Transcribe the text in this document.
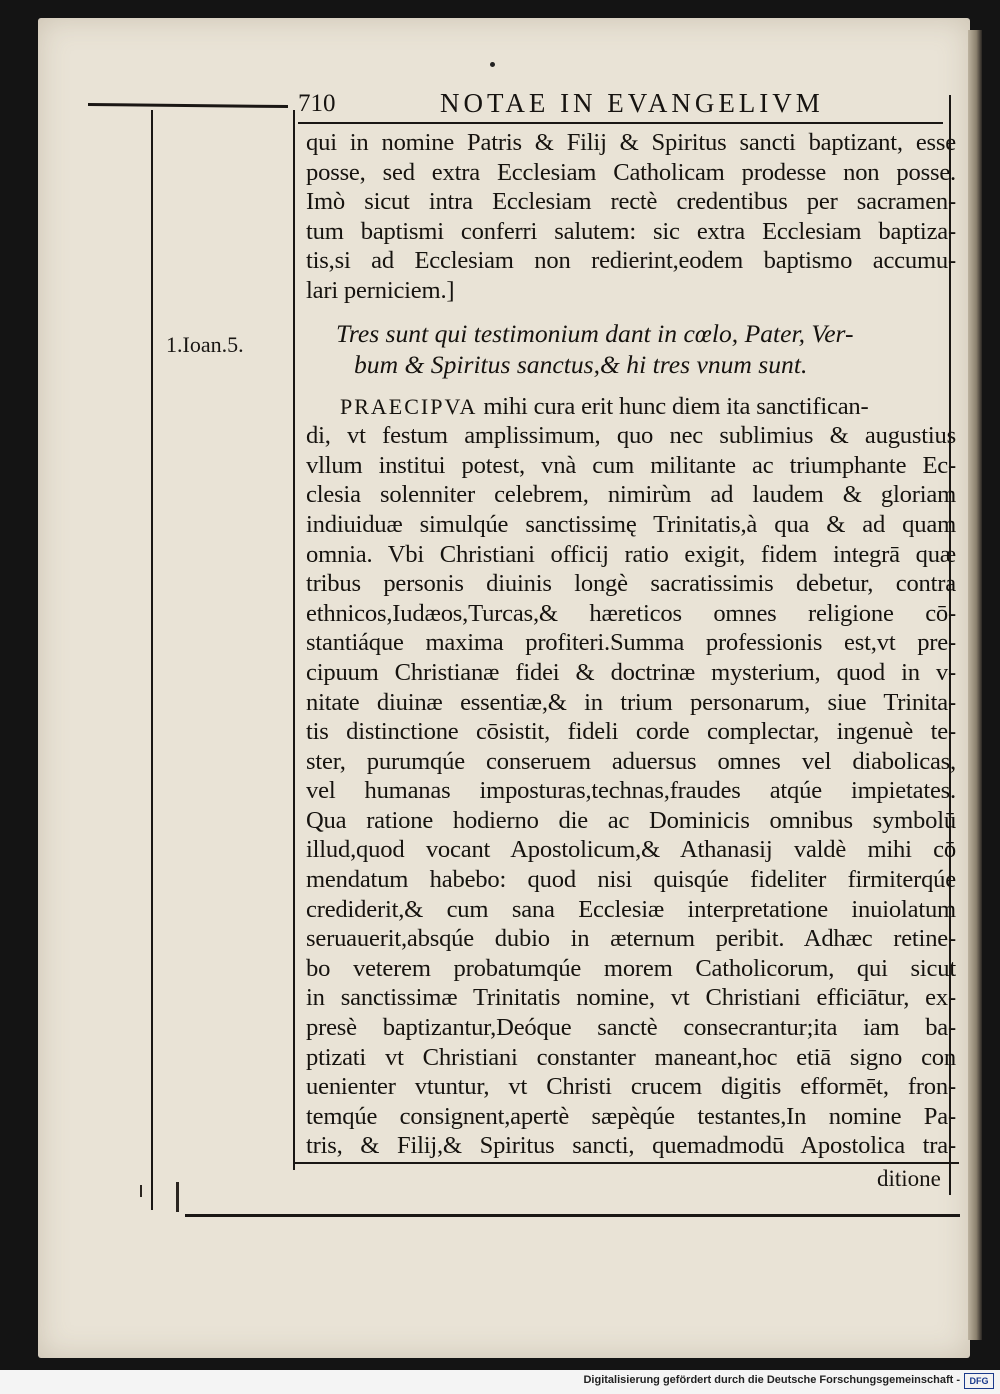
710	NOTAE IN EVANGELIVM
1.Ioan.5.
qui in nomine Patris & Filij & Spiritus sancti baptizant, esse
posse, sed extra Ecclesiam Catholicam prodesse non posse.
Imò sicut intra Ecclesiam rectè credentibus per sacramen-
tum baptismi conferri salutem: sic extra Ecclesiam baptiza-
tis,si ad Ecclesiam non redierint,eodem baptismo accumu-
lari perniciem.]
Tres sunt qui testimonium dant in cœlo, Pater, Ver-
bum & Spiritus sanctus,& hi tres vnum sunt.
PRAECIPVA mihi cura erit hunc diem ita sanctifican-
di, vt festum amplissimum, quo nec sublimius & augustius
vllum institui potest, vnà cum militante ac triumphante Ec-
clesia solenniter celebrem, nimirùm ad laudem & gloriam
indiuiduæ simulqúe sanctissimę Trinitatis,à qua & ad quam
omnia. Vbi Christiani officij ratio exigit, fidem integrā quæ
tribus personis diuinis longè sacratissimis debetur, contra
ethnicos,Iudæos,Turcas,& hæreticos omnes religione cō-
stantiáque maxima profiteri.Summa professionis est,vt pre-
cipuum Christianæ fidei & doctrinæ mysterium, quod in v-
nitate diuinæ essentiæ,& in trium personarum, siue Trinita-
tis distinctione cōsistit, fideli corde complectar, ingenuè te-
ster, purumqúe conseruem aduersus omnes vel diabolicas,
vel humanas imposturas,technas,fraudes atqúe impietates.
Qua ratione hodierno die ac Dominicis omnibus symbolū
illud,quod vocant Apostolicum,& Athanasij valdè mihi cō
mendatum habebo: quod nisi quisqúe fideliter firmiterqúe
crediderit,& cum sana Ecclesiæ interpretatione inuiolatum
seruauerit,absqúe dubio in æternum peribit. Adhæc retine-
bo veterem probatumqúe morem Catholicorum, qui sicut
in sanctissimæ Trinitatis nomine, vt Christiani efficiātur, ex-
presè baptizantur,Deóque sanctè consecrantur;ita iam ba-
ptizati vt Christiani constanter maneant,hoc etiā signo con
uenienter vtuntur, vt Christi crucem digitis efformēt, fron-
temqúe consignent,apertè sæpèqúe testantes,In nomine Pa-
tris, & Filij,& Spiritus sancti, quemadmodū Apostolica tra-
ditione
Digitalisierung gefördert durch die Deutsche Forschungsgemeinschaft -	DFG
